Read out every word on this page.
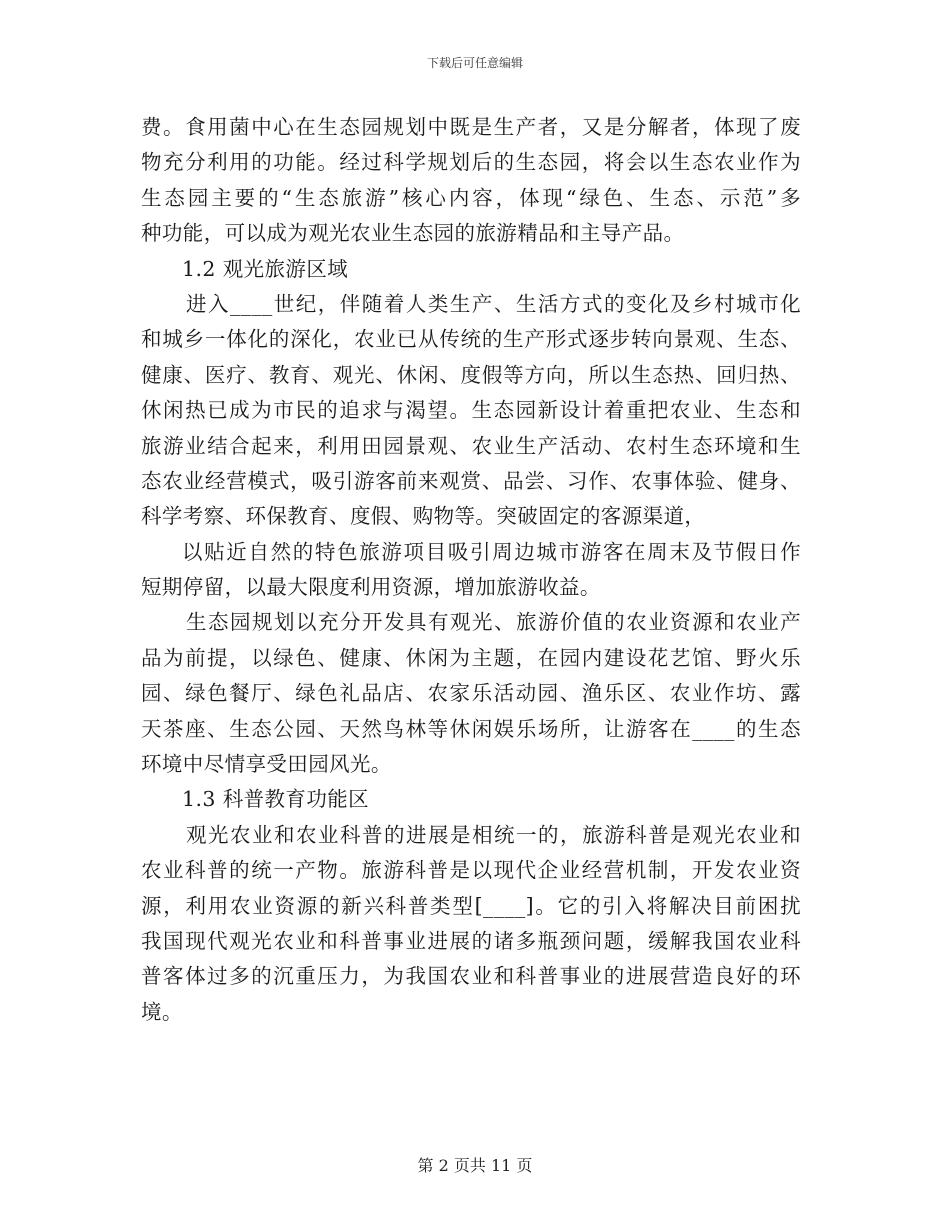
下载后可任意编辑
费。食用菌中心在生态园规划中既是生产者，又是分解者，体现了废
物充分利用的功能。经过科学规划后的生态园，将会以生态农业作为
生态园主要的“生态旅游”核心内容，体现“绿色、生态、示范”多
种功能，可以成为观光农业生态园的旅游精品和主导产品。
1.2 观光旅游区域
进入____世纪，伴随着人类生产、生活方式的变化及乡村城市化
和城乡一体化的深化，农业已从传统的生产形式逐步转向景观、生态、
健康、医疗、教育、观光、休闲、度假等方向，所以生态热、回归热、
休闲热已成为市民的追求与渴望。生态园新设计着重把农业、生态和
旅游业结合起来，利用田园景观、农业生产活动、农村生态环境和生
态农业经营模式，吸引游客前来观赏、品尝、习作、农事体验、健身、
科学考察、环保教育、度假、购物等。突破固定的客源渠道，
以贴近自然的特色旅游项目吸引周边城市游客在周末及节假日作
短期停留，以最大限度利用资源，增加旅游收益。
生态园规划以充分开发具有观光、旅游价值的农业资源和农业产
品为前提，以绿色、健康、休闲为主题，在园内建设花艺馆、野火乐
园、绿色餐厅、绿色礼品店、农家乐活动园、渔乐区、农业作坊、露
天茶座、生态公园、天然鸟林等休闲娱乐场所，让游客在____的生态
环境中尽情享受田园风光。
1.3 科普教育功能区
观光农业和农业科普的进展是相统一的，旅游科普是观光农业和
农业科普的统一产物。旅游科普是以现代企业经营机制，开发农业资
源，利用农业资源的新兴科普类型[____]。它的引入将解决目前困扰
我国现代观光农业和科普事业进展的诸多瓶颈问题，缓解我国农业科
普客体过多的沉重压力，为我国农业和科普事业的进展营造良好的环
境。
第 2 页共 11 页
